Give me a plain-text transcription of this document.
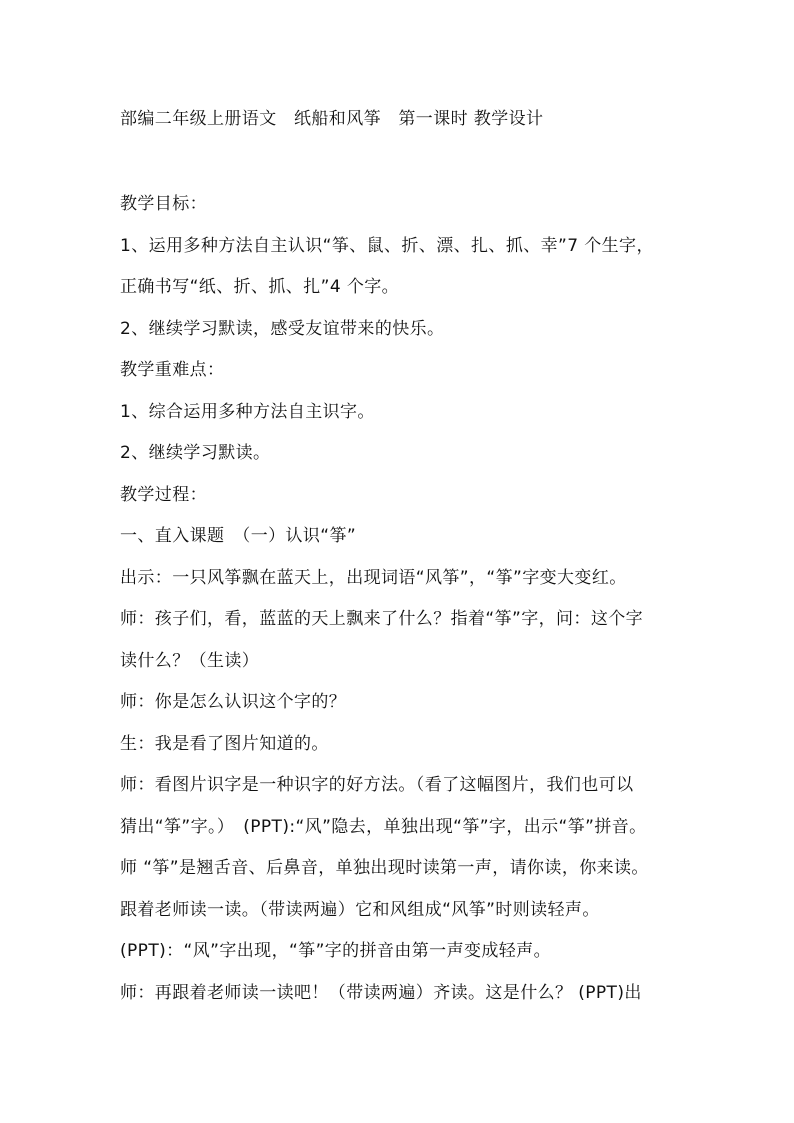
部编二年级上册语文　纸船和风筝　第一课时 教学设计
教学目标：
1、运用多种方法自主认识“筝、鼠、折、漂、扎、抓、幸”7 个生字，
正确书写“纸、折、抓、扎”4 个字。
2、继续学习默读，感受友谊带来的快乐。
教学重难点：
1、综合运用多种方法自主识字。
2、继续学习默读。
教学过程：
一、直入课题　（一）认识“筝”
出示：一只风筝飘在蓝天上，出现词语“风筝”，“筝”字变大变红。
师：孩子们，看，蓝蓝的天上飘来了什么？指着“筝”字，问：这个字
读什么？（生读）
师：你是怎么认识这个字的？
生：我是看了图片知道的。
师：看图片识字是一种识字的好方法。（看了这幅图片，我们也可以
猜出“筝”字。）　(PPT):“风”隐去，单独出现“筝”字，出示“筝”拼音。
师 “筝”是翘舌音、后鼻音，单独出现时读第一声，请你读，你来读。
跟着老师读一读。（带读两遍）它和风组成“风筝”时则读轻声。
(PPT)：“风”字出现，“筝”字的拼音由第一声变成轻声。
师：再跟着老师读一读吧！（带读两遍）齐读。这是什么？ (PPT)出
